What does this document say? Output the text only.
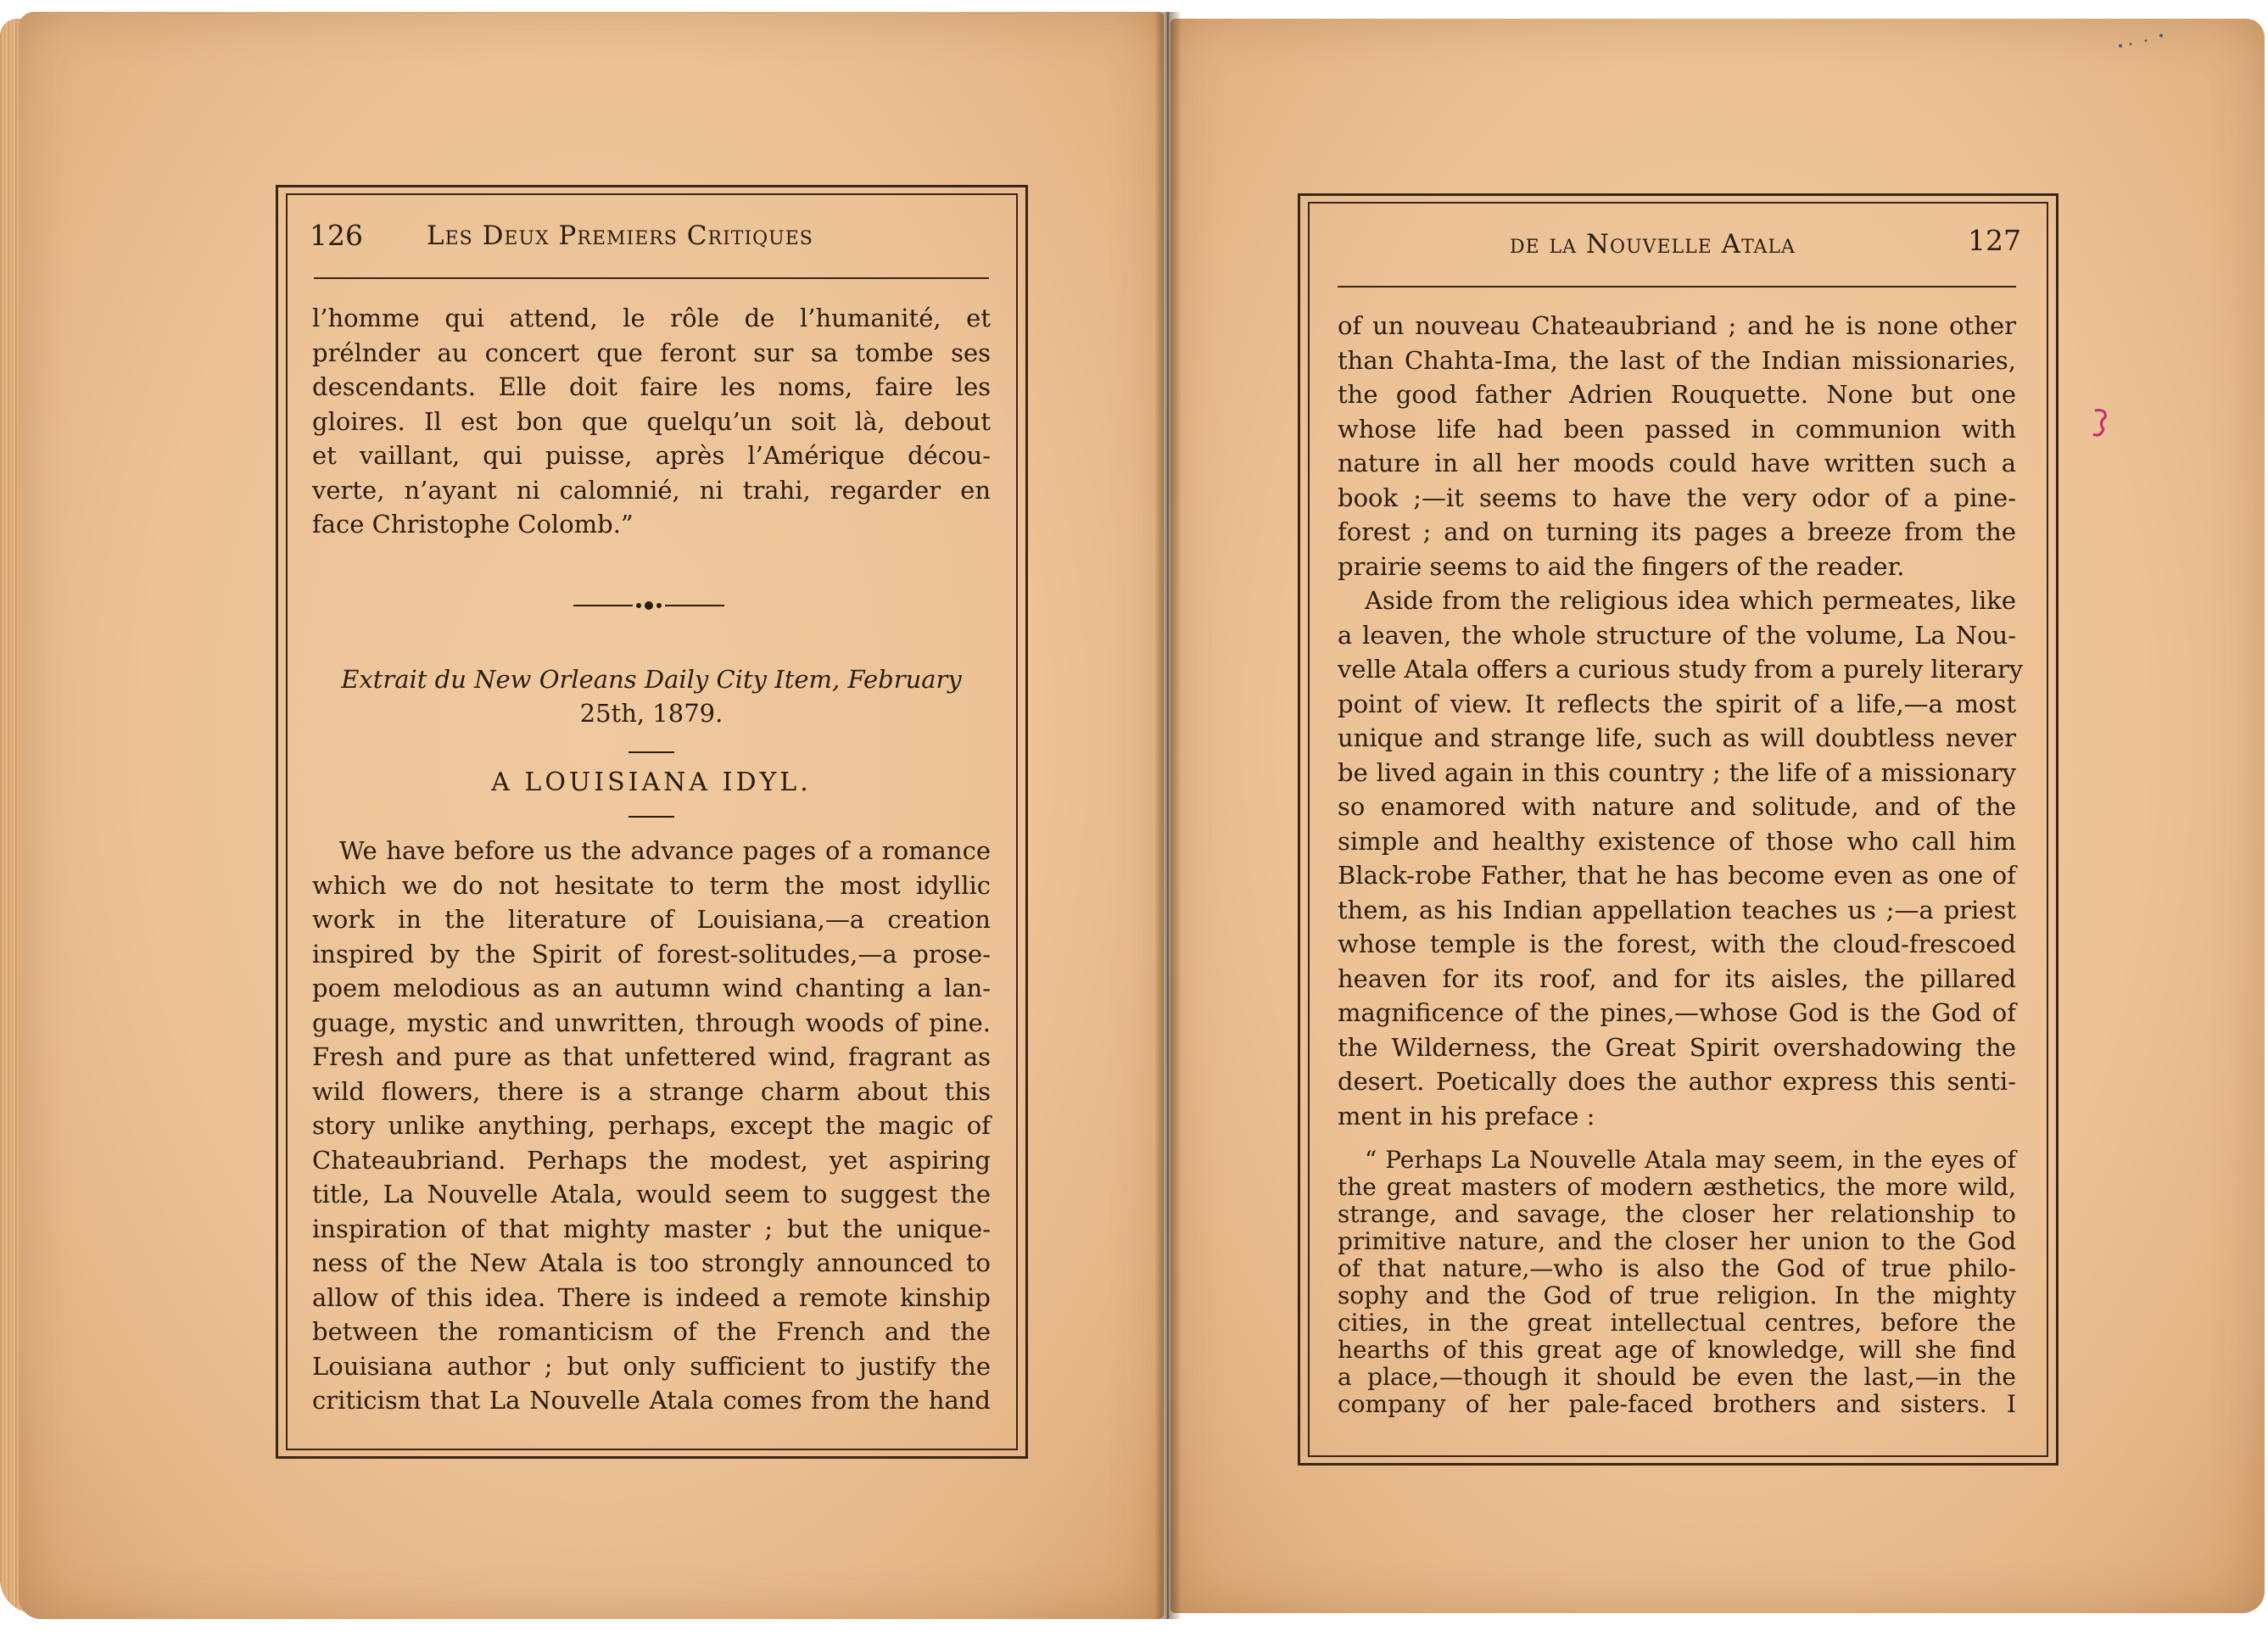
126 Les Deux Premiers Critiques
l’homme qui attend, le rôle de l’humanité, et
prélnder au concert que feront sur sa tombe ses
descendants. Elle doit faire les noms, faire les
gloires. Il est bon que quelqu’un soit là, debout
et vaillant, qui puisse, après l’Amérique décou-
verte, n’ayant ni calomnié, ni trahi, regarder en
face Christophe Colomb.”
Extrait du New Orleans Daily City Item, February
25th, 1879.
A LOUISIANA IDYL.
We have before us the advance pages of a romance
which we do not hesitate to term the most idyllic
work in the literature of Louisiana,—a creation
inspired by the Spirit of forest-solitudes,—a prose-
poem melodious as an autumn wind chanting a lan-
guage, mystic and unwritten, through woods of pine.
Fresh and pure as that unfettered wind, fragrant as
wild flowers, there is a strange charm about this
story unlike anything, perhaps, except the magic of
Chateaubriand. Perhaps the modest, yet aspiring
title, La Nouvelle Atala, would seem to suggest the
inspiration of that mighty master ; but the unique-
ness of the New Atala is too strongly announced to
allow of this idea. There is indeed a remote kinship
between the romanticism of the French and the
Louisiana author ; but only sufficient to justify the
criticism that La Nouvelle Atala comes from the hand
de la Nouvelle Atala	127
of un nouveau Chateaubriand ; and he is none other
than Chahta-Ima, the last of the Indian missionaries,
the good father Adrien Rouquette. None but one
whose life had been passed in communion with
nature in all her moods could have written such a
book ;—it seems to have the very odor of a pine-
forest ; and on turning its pages a breeze from the
prairie seems to aid the fingers of the reader.
Aside from the religious idea which permeates, like
a leaven, the whole structure of the volume, La Nou-
velle Atala offers a curious study from a purely literary
point of view. It reflects the spirit of a life,—a most
unique and strange life, such as will doubtless never
be lived again in this country ; the life of a missionary
so enamored with nature and solitude, and of the
simple and healthy existence of those who call him
Black-robe Father, that he has become even as one of
them, as his Indian appellation teaches us ;—a priest
whose temple is the forest, with the cloud-frescoed
heaven for its roof, and for its aisles, the pillared
magnificence of the pines,—whose God is the God of
the Wilderness, the Great Spirit overshadowing the
desert. Poetically does the author express this senti-
ment in his preface :
“ Perhaps La Nouvelle Atala may seem, in the eyes of
the great masters of modern æsthetics, the more wild,
strange, and savage, the closer her relationship to
primitive nature, and the closer her union to the God
of that nature,—who is also the God of true philo-
sophy and the God of true religion. In the mighty
cities, in the great intellectual centres, before the
hearths of this great age of knowledge, will she find
a place,—though it should be even the last,—in the
company of her pale-faced brothers and sisters. I
